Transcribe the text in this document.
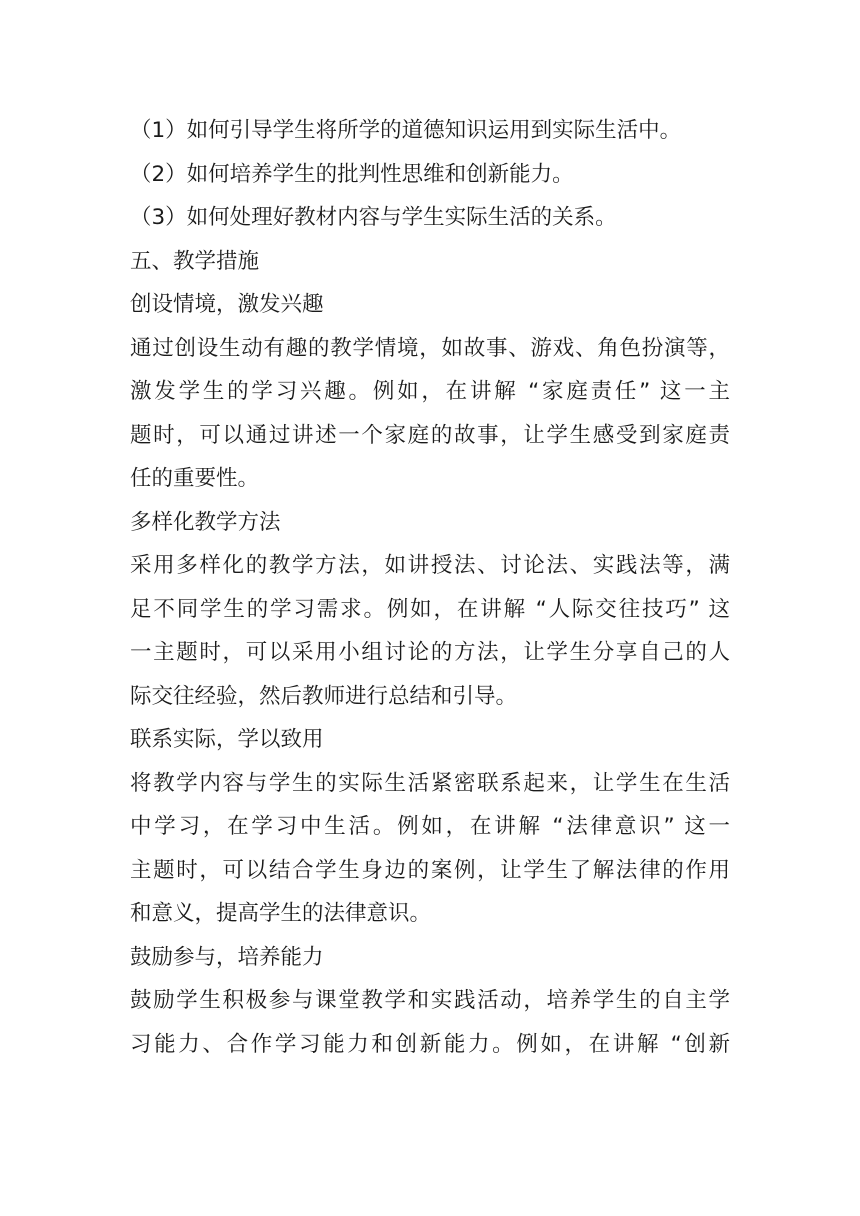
（1）如何引导学生将所学的道德知识运用到实际生活中。
（2）如何培养学生的批判性思维和创新能力。
（3）如何处理好教材内容与学生实际生活的关系。
五、教学措施
创设情境，激发兴趣
通过创设生动有趣的教学情境，如故事、游戏、角色扮演等，
激发学生的学习兴趣。例如，在讲解 “家庭责任” 这一主
题时，可以通过讲述一个家庭的故事，让学生感受到家庭责
任的重要性。
多样化教学方法
采用多样化的教学方法，如讲授法、讨论法、实践法等，满
足不同学生的学习需求。例如，在讲解 “人际交往技巧” 这
一主题时，可以采用小组讨论的方法，让学生分享自己的人
际交往经验，然后教师进行总结和引导。
联系实际，学以致用
将教学内容与学生的实际生活紧密联系起来，让学生在生活
中学习，在学习中生活。例如，在讲解 “法律意识” 这一
主题时，可以结合学生身边的案例，让学生了解法律的作用
和意义，提高学生的法律意识。
鼓励参与，培养能力
鼓励学生积极参与课堂教学和实践活动，培养学生的自主学
习能力、合作学习能力和创新能力。例如，在讲解 “创新
